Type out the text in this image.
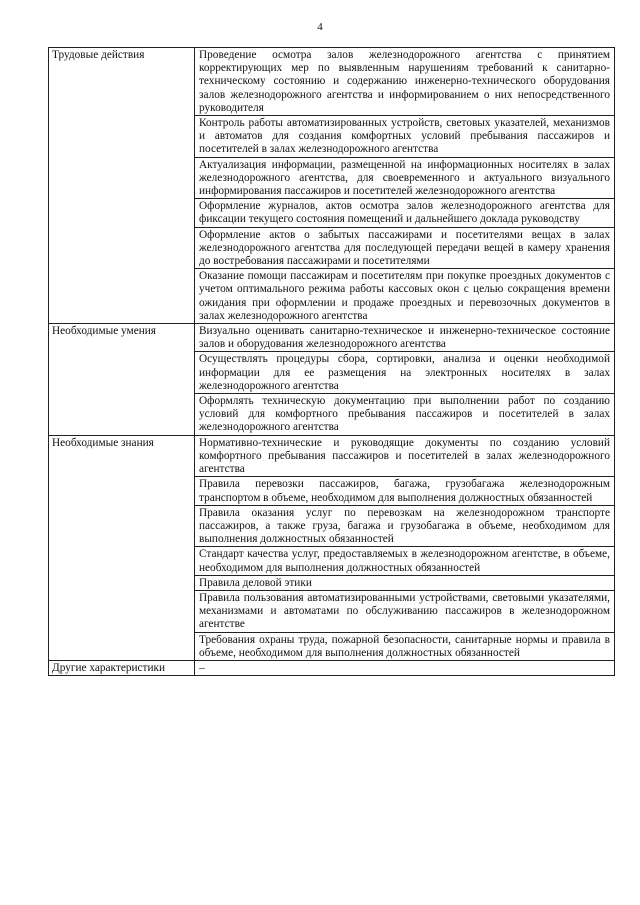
4
Трудовые действия	Проведение осмотра залов железнодорожного агентства с принятием корректирующих мер по выявленным нарушениям требований к санитарно-техническому состоянию и содержанию инженерно-технического оборудования залов железнодорожного агентства и информированием о них непосредственного руководителя
	Контроль работы автоматизированных устройств, световых указателей, механизмов и автоматов для создания комфортных условий пребывания пассажиров и посетителей в залах железнодорожного агентства
	Актуализация информации, размещенной на информационных носителях в залах железнодорожного агентства, для своевременного и актуального визуального информирования пассажиров и посетителей железнодорожного агентства
	Оформление журналов, актов осмотра залов железнодорожного агентства для фиксации текущего состояния помещений и дальнейшего доклада руководству
	Оформление актов о забытых пассажирами и посетителями вещах в залах железнодорожного агентства для последующей передачи вещей в камеру хранения до востребования пассажирами и посетителями
	Оказание помощи пассажирам и посетителям при покупке проездных документов с учетом оптимального режима работы кассовых окон с целью сокращения времени ожидания при оформлении и продаже проездных и перевозочных документов в залах железнодорожного агентства
Необходимые умения	Визуально оценивать санитарно-техническое и инженерно-техническое состояние залов и оборудования железнодорожного агентства
	Осуществлять процедуры сбора, сортировки, анализа и оценки необходимой информации для ее размещения на электронных носителях в залах железнодорожного агентства
	Оформлять техническую документацию при выполнении работ по созданию условий для комфортного пребывания пассажиров и посетителей в залах железнодорожного агентства
Необходимые знания	Нормативно-технические и руководящие документы по созданию условий комфортного пребывания пассажиров и посетителей в залах железнодорожного агентства
	Правила перевозки пассажиров, багажа, грузобагажа железнодорожным транспортом в объеме, необходимом для выполнения должностных обязанностей
	Правила оказания услуг по перевозкам на железнодорожном транспорте пассажиров, а также груза, багажа и грузобагажа в объеме, необходимом для выполнения должностных обязанностей
	Стандарт качества услуг, предоставляемых в железнодорожном агентстве, в объеме, необходимом для выполнения должностных обязанностей
	Правила деловой этики
	Правила пользования автоматизированными устройствами, световыми указателями, механизмами и автоматами по обслуживанию пассажиров в железнодорожном агентстве
	Требования охраны труда, пожарной безопасности, санитарные нормы и правила в объеме, необходимом для выполнения должностных обязанностей
Другие характеристики	–
